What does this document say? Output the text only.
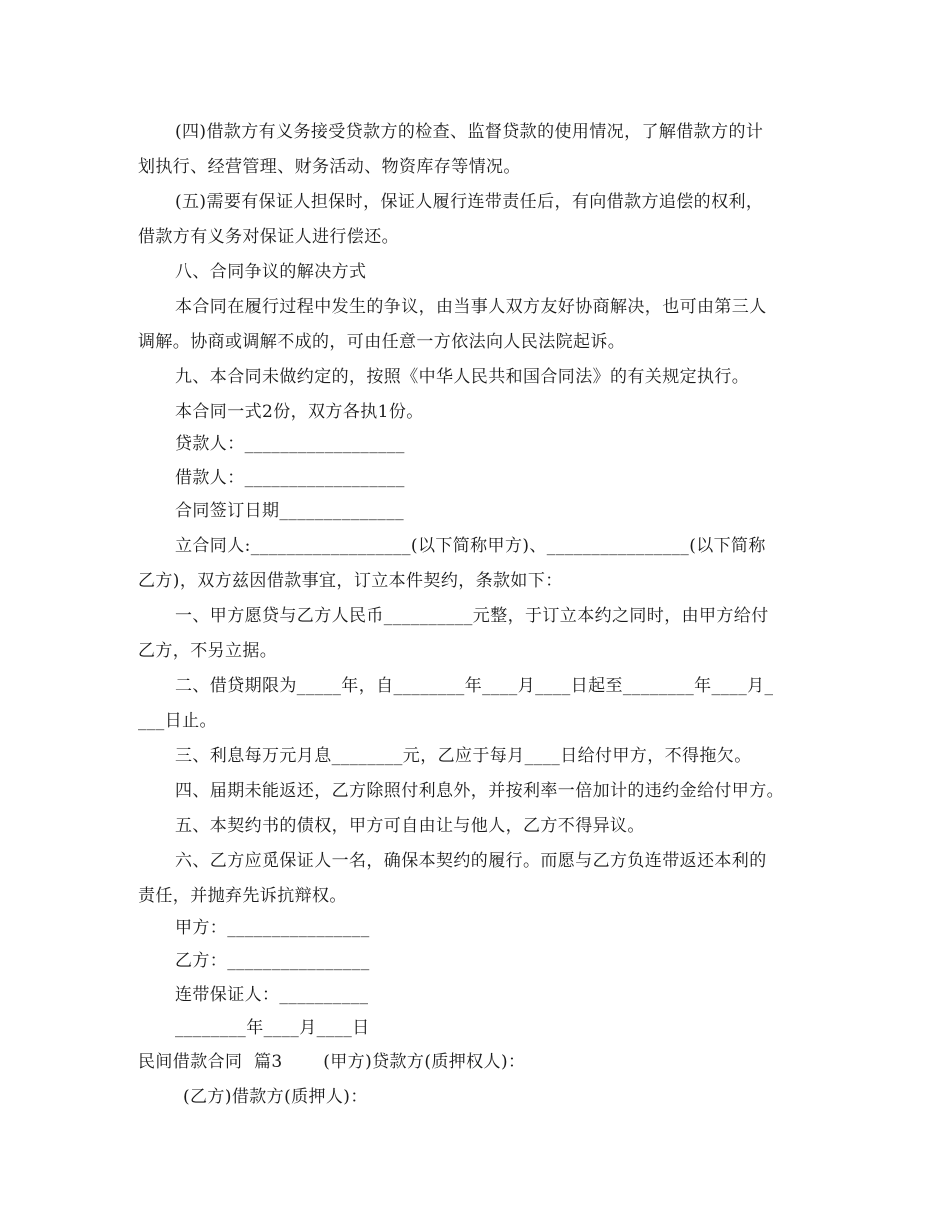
(四)借款方有义务接受贷款方的检查、监督贷款的使用情况，了解借款方的计
划执行、经营管理、财务活动、物资库存等情况。
(五)需要有保证人担保时，保证人履行连带责任后，有向借款方追偿的权利，
借款方有义务对保证人进行偿还。
八、合同争议的解决方式
本合同在履行过程中发生的争议，由当事人双方友好协商解决，也可由第三人
调解。协商或调解不成的，可由任意一方依法向人民法院起诉。
九、本合同未做约定的，按照《中华人民共和国合同法》的有关规定执行。
本合同一式2份，双方各执1份。
贷款人：__________________
借款人：__________________
合同签订日期______________
立合同人:__________________(以下简称甲方)、________________(以下简称
乙方)，双方兹因借款事宜，订立本件契约，条款如下：
一、甲方愿贷与乙方人民币__________元整，于订立本约之同时，由甲方给付
乙方，不另立据。
二、借贷期限为_____年，自________年____月____日起至________年____月_
___日止。
三、利息每万元月息________元，乙应于每月____日给付甲方，不得拖欠。
四、届期未能返还，乙方除照付利息外，并按利率一倍加计的违约金给付甲方。
五、本契约书的债权，甲方可自由让与他人，乙方不得异议。
六、乙方应觅保证人一名，确保本契约的履行。而愿与乙方负连带返还本利的
责任，并抛弃先诉抗辩权。
甲方：________________
乙方：________________
连带保证人：__________
________年____月____日
民间借款合同  篇3       (甲方)贷款方(质押权人)：
(乙方)借款方(质押人)：
